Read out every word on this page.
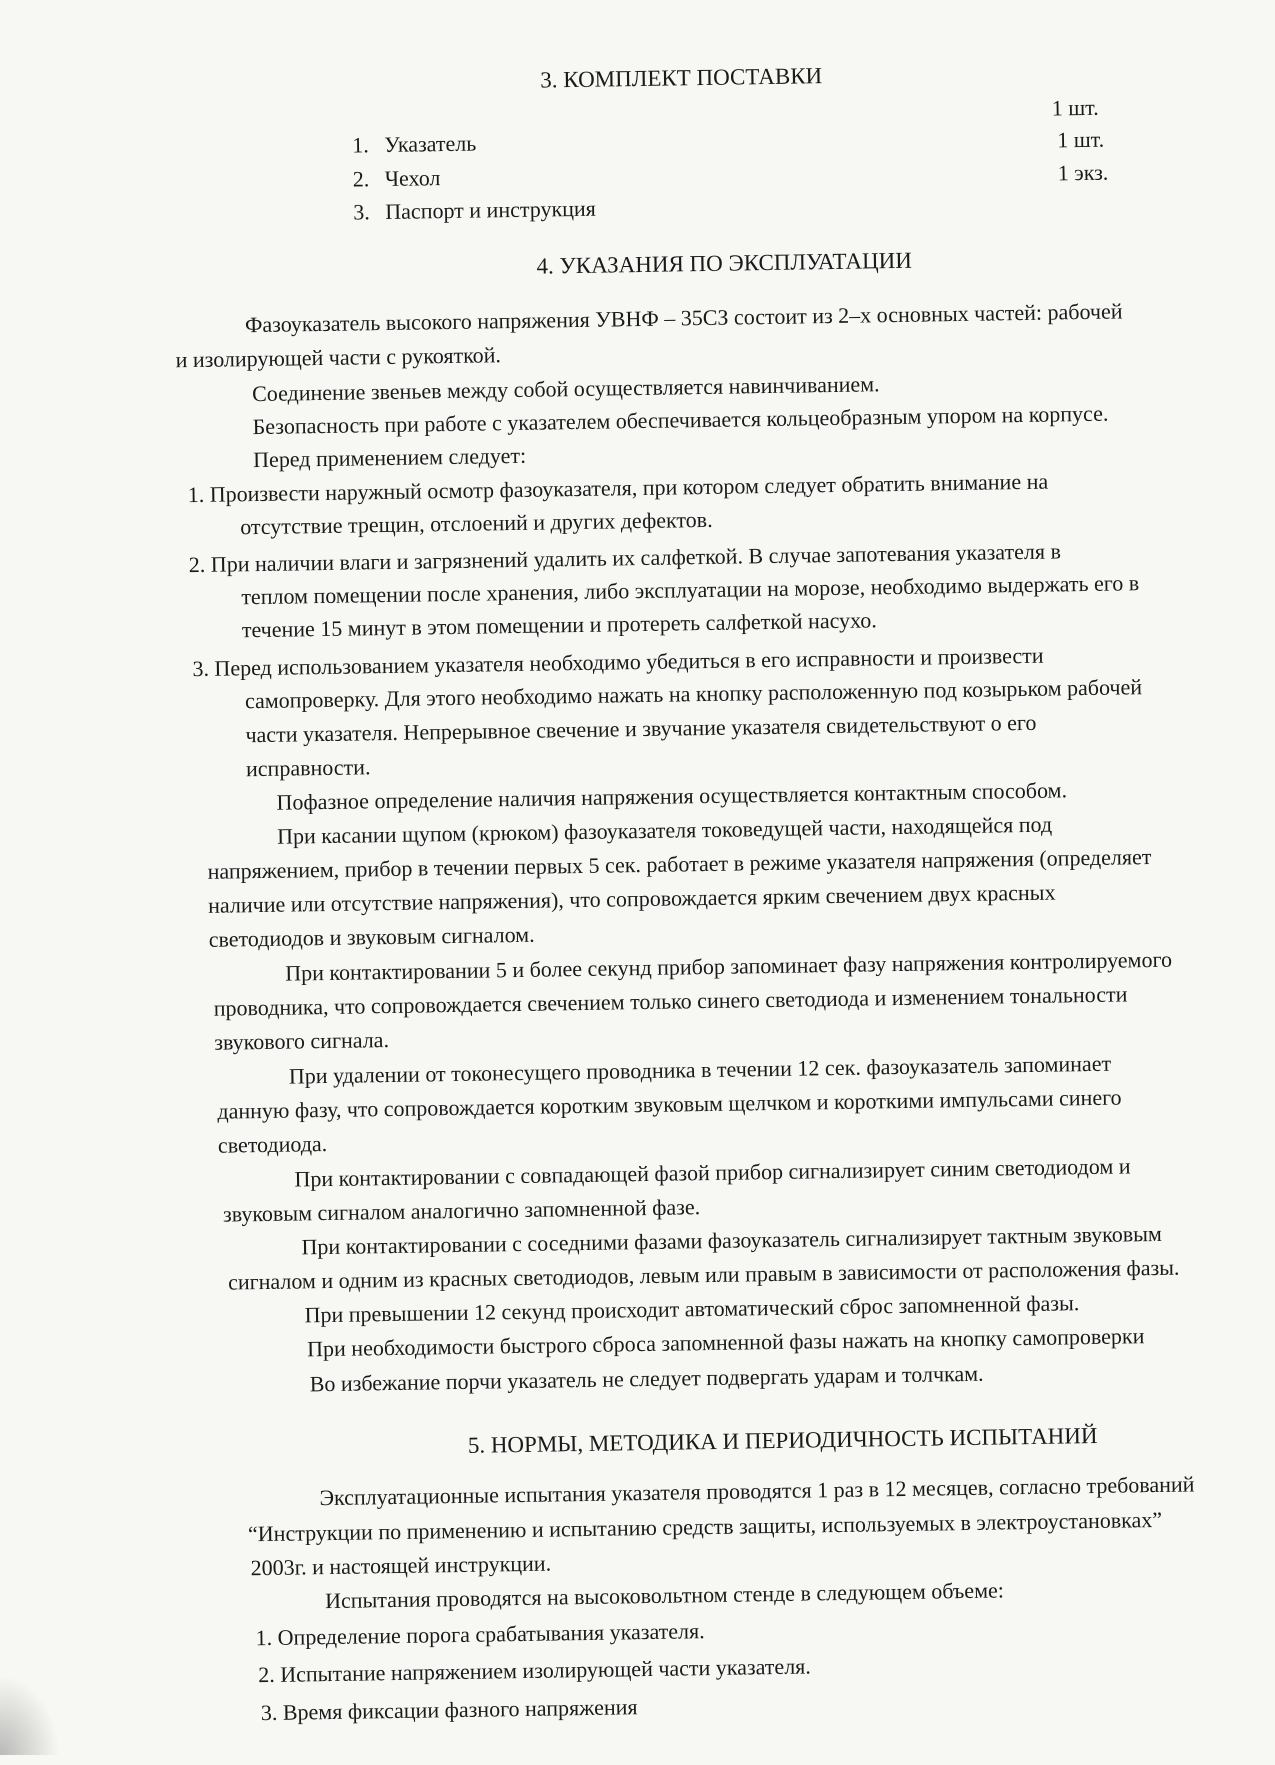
3. КОМПЛЕКТ ПОСТАВКИ
1. Указатель
1 шт.
2. Чехол
1 шт.
3. Паспорт и инструкция
1 экз.
4. УКАЗАНИЯ ПО ЭКСПЛУАТАЦИИ
Фазоуказатель высокого напряжения УВНФ – 35СЗ состоит из 2–х основных частей: рабочей
и изолирующей части с рукояткой.
Соединение звеньев между собой осуществляется навинчиванием.
Безопасность при работе с указателем обеспечивается кольцеобразным упором на корпусе.
Перед применением следует:
1. Произвести наружный осмотр фазоуказателя, при котором следует обратить внимание на
отсутствие трещин, отслоений и других дефектов.
2. При наличии влаги и загрязнений удалить их салфеткой. В случае запотевания указателя в
теплом помещении после хранения, либо эксплуатации на морозе, необходимо выдержать его в
течение 15 минут в этом помещении и протереть салфеткой насухо.
3. Перед использованием указателя необходимо убедиться в его исправности и произвести
самопроверку. Для этого необходимо нажать на кнопку расположенную под козырьком рабочей
части указателя. Непрерывное свечение и звучание указателя свидетельствуют о его
исправности.
Пофазное определение наличия напряжения осуществляется контактным способом.
При касании щупом (крюком) фазоуказателя токоведущей части, находящейся под
напряжением, прибор в течении первых 5 сек. работает в режиме указателя напряжения (определяет
наличие или отсутствие напряжения), что сопровождается ярким свечением двух красных
светодиодов и звуковым сигналом.
При контактировании 5 и более секунд прибор запоминает фазу напряжения контролируемого
проводника, что сопровождается свечением только синего светодиода и изменением тональности
звукового сигнала.
При удалении от токонесущего проводника в течении 12 сек. фазоуказатель запоминает
данную фазу, что сопровождается коротким звуковым щелчком и короткими импульсами синего
светодиода.
При контактировании с совпадающей фазой прибор сигнализирует синим светодиодом и
звуковым сигналом аналогично запомненной фазе.
При контактировании с соседними фазами фазоуказатель сигнализирует тактным звуковым
сигналом и одним из красных светодиодов, левым или правым в зависимости от расположения фазы.
При превышении 12 секунд происходит автоматический сброс запомненной фазы.
При необходимости быстрого сброса запомненной фазы нажать на кнопку самопроверки
Во избежание порчи указатель не следует подвергать ударам и толчкам.
5. НОРМЫ, МЕТОДИКА И ПЕРИОДИЧНОСТЬ ИСПЫТАНИЙ
Эксплуатационные испытания указателя проводятся 1 раз в 12 месяцев, согласно требований
“Инструкции по применению и испытанию средств защиты, используемых в электроустановках”
2003г. и настоящей инструкции.
Испытания проводятся на высоковольтном стенде в следующем объеме:
1. Определение порога срабатывания указателя.
2. Испытание напряжением изолирующей части указателя.
3. Время фиксации фазного напряжения
